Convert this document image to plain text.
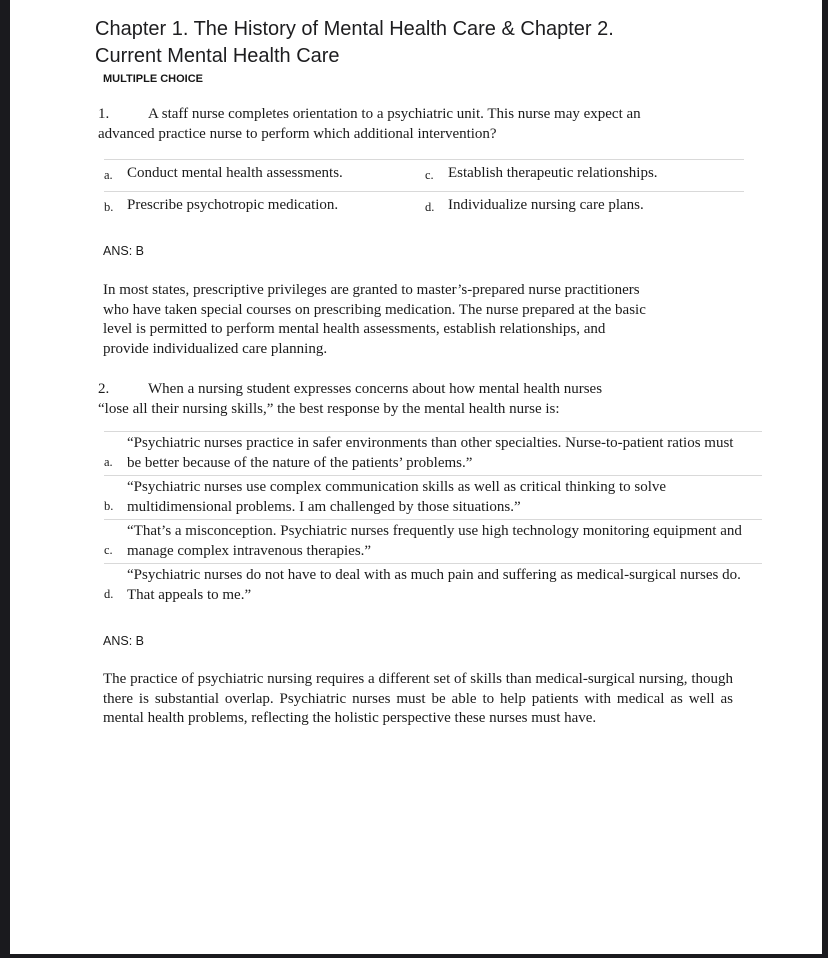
Chapter 1. The History of Mental Health Care & Chapter 2.
Current Mental Health Care
MULTIPLE CHOICE
1.	A staff nurse completes orientation to a psychiatric unit. This nurse may expect an
advanced practice nurse to perform which additional intervention?
a. Conduct mental health assessments.	c. Establish therapeutic relationships.
b. Prescribe psychotropic medication.	d. Individualize nursing care plans.
ANS: B
In most states, prescriptive privileges are granted to master’s-prepared nurse practitioners
who have taken special courses on prescribing medication. The nurse prepared at the basic
level is permitted to perform mental health assessments, establish relationships, and
provide individualized care planning.
2.	When a nursing student expresses concerns about how mental health nurses
“lose all their nursing skills,” the best response by the mental health nurse is:
a.
“Psychiatric nurses practice in safer environments than other specialties. Nurse-to-patient ratios must be better because of the nature of the patients’ problems.”
b.
“Psychiatric nurses use complex communication skills as well as critical thinking to solve multidimensional problems. I am challenged by those situations.”
c.
“That’s a misconception. Psychiatric nurses frequently use high technology monitoring equipment and manage complex intravenous therapies.”
d.
“Psychiatric nurses do not have to deal with as much pain and suffering as medical-surgical nurses do. That appeals to me.”
ANS: B
The practice of psychiatric nursing requires a different set of skills than medical-surgical nursing, though there is substantial overlap. Psychiatric nurses must be able to help patients with medical as well as mental health problems, reflecting the holistic perspective these nurses must have.
